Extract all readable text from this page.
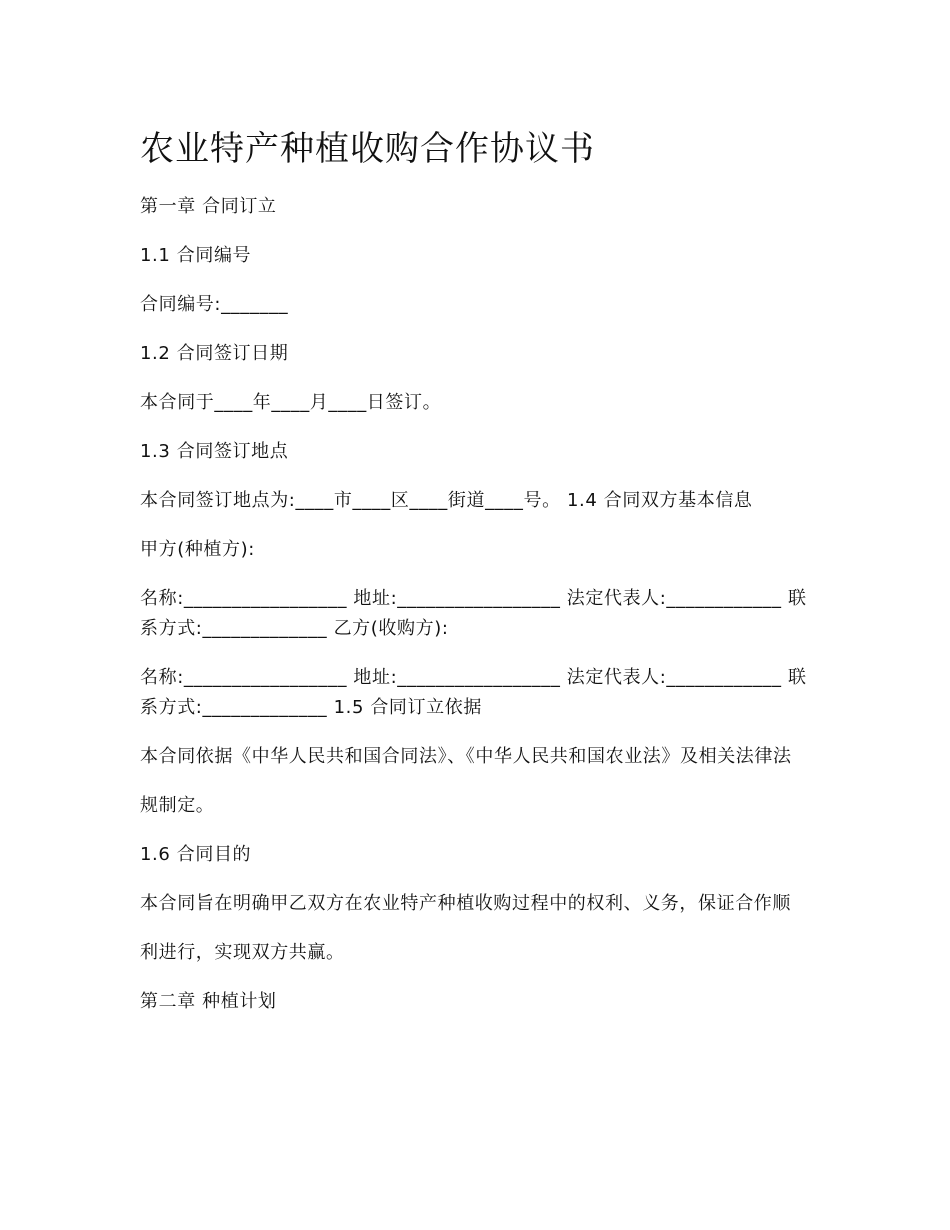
农业特产种植收购合作协议书

第一章 合同订立

1.1 合同编号

合同编号:_______

1.2 合同签订日期

本合同于____年____月____日签订。

1.3 合同签订地点

本合同签订地点为:____市____区____街道____号。 1.4 合同双方基本信息

甲方(种植方):

名称:_________________ 地址:_________________ 法定代表人:____________ 联系方式:_____________ 乙方(收购方):

名称:_________________ 地址:_________________ 法定代表人:____________ 联系方式:_____________ 1.5 合同订立依据

本合同依据《中华人民共和国合同法》、《中华人民共和国农业法》及相关法律法

规制定。

1.6 合同目的

本合同旨在明确甲乙双方在农业特产种植收购过程中的权利、义务，保证合作顺

利进行，实现双方共赢。

第二章 种植计划
